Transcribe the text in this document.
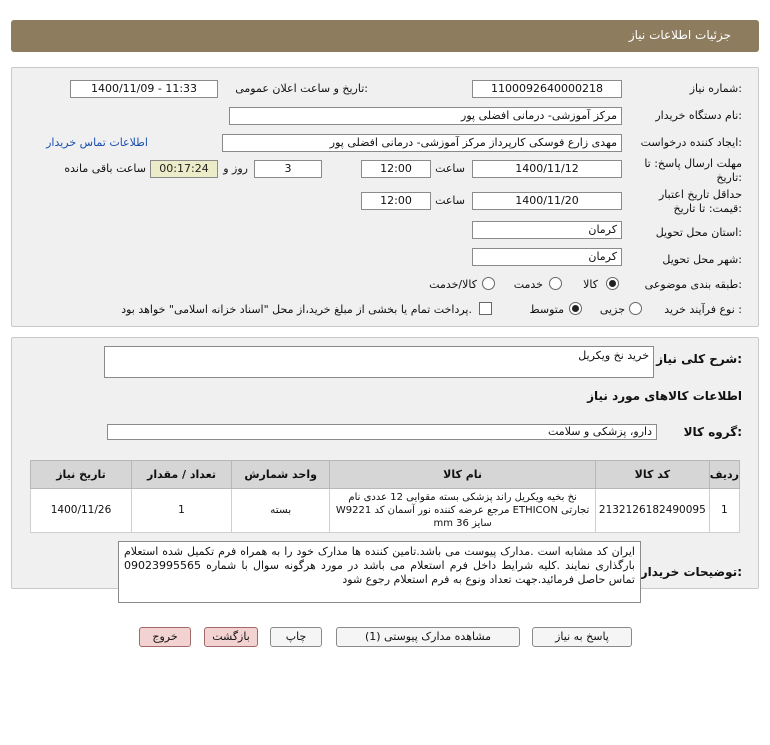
جزئیات اطلاعات نیاز
شماره نیاز:
1100092640000218
تاریخ و ساعت اعلان عمومی:
1400/11/09 - 11:33
نام دستگاه خریدار:
مرکز آموزشی- درمانی افضلی پور
ایجاد کننده درخواست:
مهدی زارع فوسکی کارپرداز مرکز آموزشی- درمانی افضلی پور
اطلاعات تماس خریدار
مهلت ارسال پاسخ: تا
تاریخ:
1400/11/12
ساعت
12:00
3
روز و
00:17:24
ساعت باقی مانده
حداقل تاریخ اعتبار
قیمت: تا تاریخ:
1400/11/20
ساعت
12:00
استان محل تحویل:
کرمان
شهر محل تحویل:
کرمان
طبقه بندی موضوعی:
کالا
خدمت
کالا/خدمت
نوع فرآیند خرید :
جزیی
متوسط
پرداخت تمام یا بخشی از مبلغ خرید،از محل "اسناد خزانه اسلامی" خواهد بود.
شرح کلی نیاز:
خرید نخ ویکریل
اطلاعات کالاهای مورد نیاز
گروه کالا:
دارو، پزشکی و سلامت
ردیف	کد کالا	نام کالا	واحد شمارش	تعداد / مقدار	تاریخ نیاز
1	2132126182490095	نخ بخیه ویکریل راند پزشکی بسته مقوایی 12 عددی نام تجارتی ETHICON مرجع عرضه کننده نور آسمان کد W9221 سایز 36 mm	بسته	1	1400/11/26
توضیحات خریدار:
ایران کد مشابه است .مدارک پیوست می باشد.تامین کننده ها مدارک خود را به همراه فرم تکمیل شده استعلام بارگذاری نمایند .کلیه شرایط داخل فرم استعلام می باشد در مورد هرگونه سوال با شماره 09023995565 تماس حاصل فرمائید.جهت تعداد ونوع به فرم استعلام رجوع شود
پاسخ به نیاز
مشاهده مدارک پیوستی (1)
چاپ
بازگشت
خروج
